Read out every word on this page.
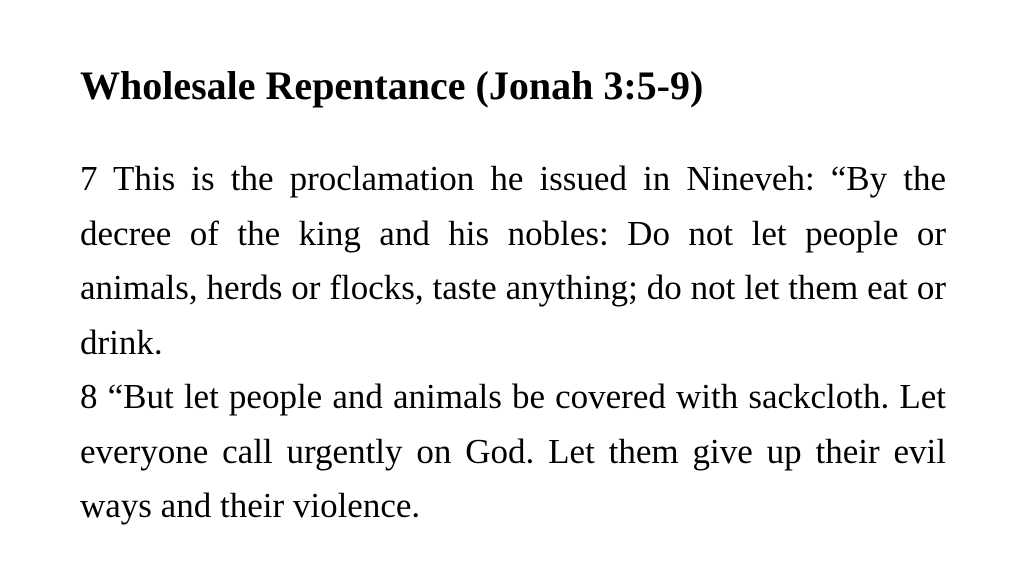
Wholesale Repentance (Jonah 3:5-9)

7 This is the proclamation he issued in Nineveh: “By the decree of the king and his nobles: Do not let people or animals, herds or flocks, taste anything; do not let them eat or drink.

8 “But let people and animals be covered with sackcloth. Let everyone call urgently on God. Let them give up their evil ways and their violence.
